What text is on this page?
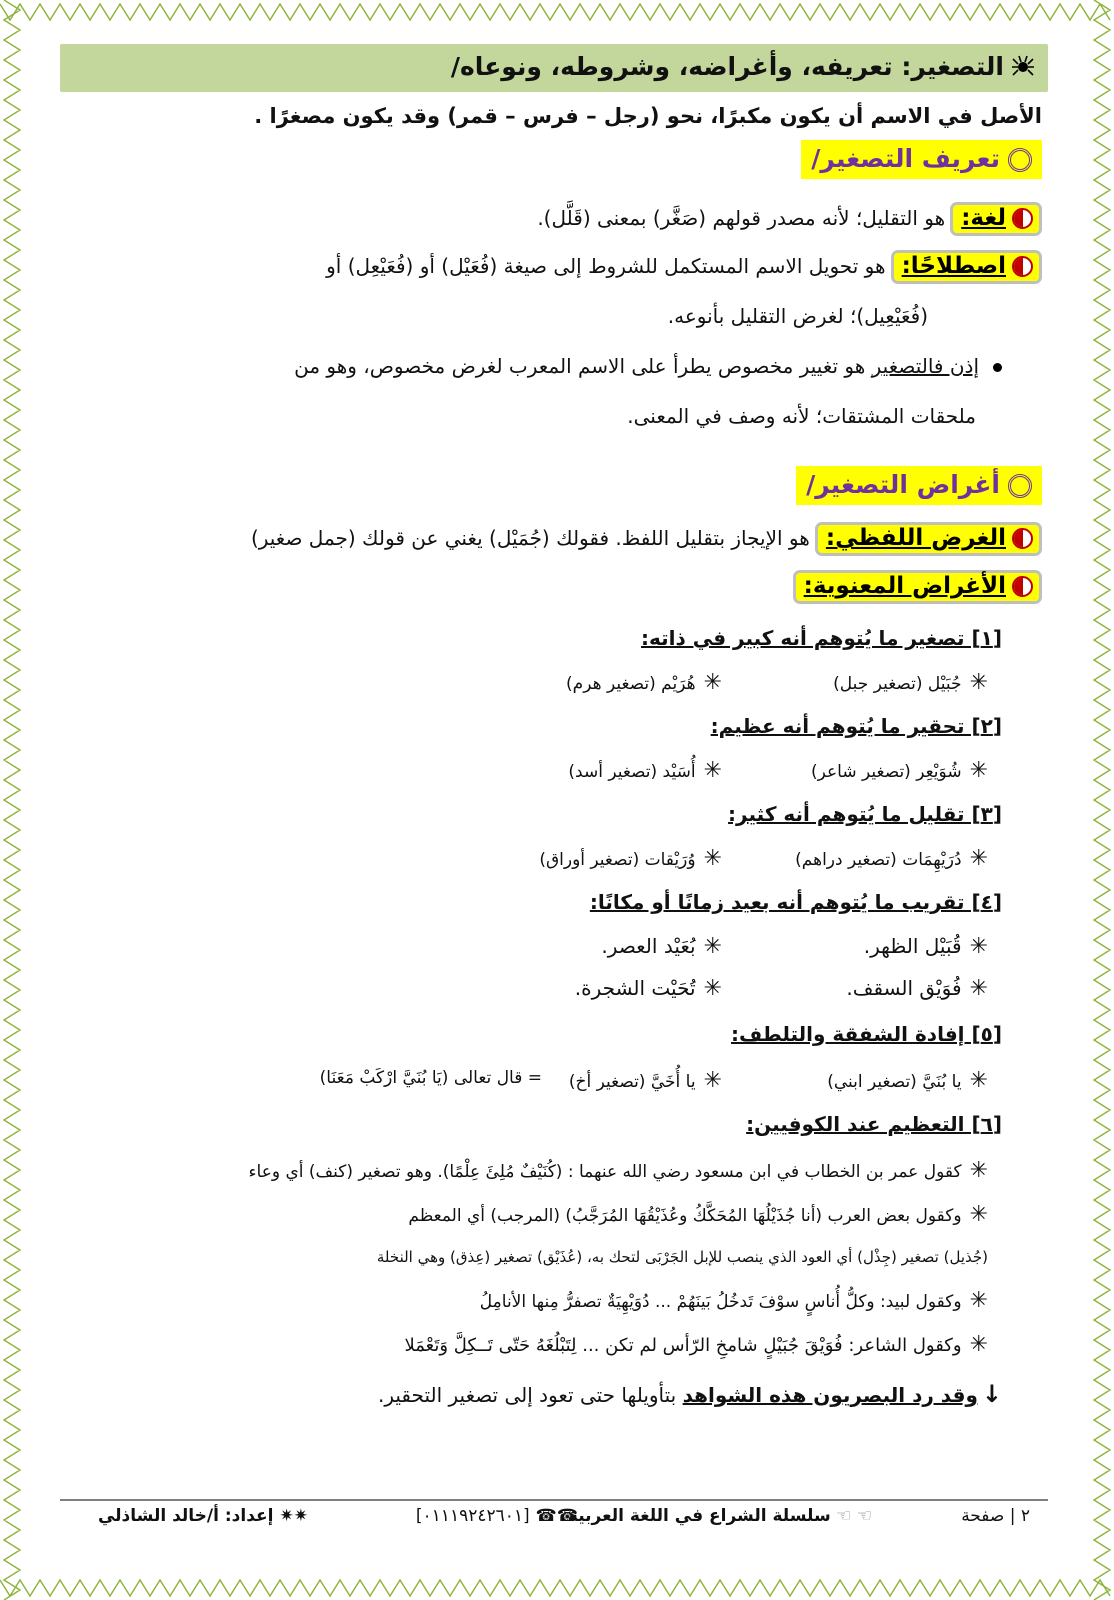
التصغير: تعريفه، وأغراضه، وشروطه، ونوعاه/
الأصل في الاسم أن يكون مكبرًا، نحو (رجل – فرس – قمر) وقد يكون مصغرًا .
تعريف التصغير/
لغة: هو التقليل؛ لأنه مصدر قولهم (صَغَّر) بمعنى (قَلَّل).
اصطلاحًا: هو تحويل الاسم المستكمل للشروط إلى صيغة (فُعَيْل) أو (فُعَيْعِل) أو
(فُعَيْعِيل)؛ لغرض التقليل بأنوعه.
إذن فالتصغير هو تغيير مخصوص يطرأ على الاسم المعرب لغرض مخصوص، وهو من
ملحقات المشتقات؛ لأنه وصف في المعنى.
أغراض التصغير/
الغرض اللفظي: هو الإيجاز بتقليل اللفظ. فقولك (جُمَيْل) يغني عن قولك (جمل صغير)
الأغراض المعنوية:
[١] تصغير ما يُتوهم أنه كبير في ذاته:
✳جُبَيْل (تصغير جبل)
✳هُرَيْم (تصغير هرم)
[٢] تحقير ما يُتوهم أنه عظيم:
✳شُوَيْعِر (تصغير شاعر)
✳أُسَيْد (تصغير أسد)
[٣] تقليل ما يُتوهم أنه كثير:
✳دُرَيْهِمَات (تصغير دراهم)
✳وُرَيْقات (تصغير أوراق)
[٤] تقريب ما يُتوهم أنه بعيد زمانًا أو مكانًا:
✳قُبَيْل الظهر.
✳بُعَيْد العصر.
✳فُوَيْق السقف.
✳تُحَيْت الشجرة.
[٥] إفادة الشفقة والتلطف:
✳يا بُنَيَّ (تصغير ابني)
✳يا أُخَيَّ (تصغير أخ)
= قال تعالى (يَا بُنَيَّ ارْكَبْ مَعَنَا)
[٦] التعظيم عند الكوفيين:
✳كقول عمر بن الخطاب في ابن مسعود رضي الله عنهما : (كُنَيْفٌ مُلِئَ عِلْمًا). وهو تصغير (كنف) أي وعاء
✳وكقول بعض العرب (أنا جُذَيْلُهَا المُحَكَّكُ وعُذَيْقُهَا المُرَجَّبُ) (المرجب) أي المعظم
(جُذيل) تصغير (جِذْل) أي العود الذي ينصب للإبل الجَرْبَى لتحك به، (عُذَيْق) تصغير (عِذق) وهي النخلة
✳وكقول لبيد: وكلُّ أُناسٍ سوْفَ تَدخُلُ بَينَهُمْ ... دُوَيْهِيَةٌ تصفرُّ مِنها الأنامِلُ
✳وكقول الشاعر: فُوَيْقَ جُبَيْلٍ شامخِ الرّأس لم تكن ... لِتَبْلُغَهُ حَتّى تَــكِلَّ وَتَعْمَلا
↓وقد رد البصريون هذه الشواهد بتأويلها حتى تعود إلى تصغير التحقير.
٢ | صفحة
☜ ☜ سلسلة الشراع في اللغة العربية
☎☎[٠١١١٩٢٤٢٦٠١]
✷✷إعداد: أ/خالد الشاذلي
